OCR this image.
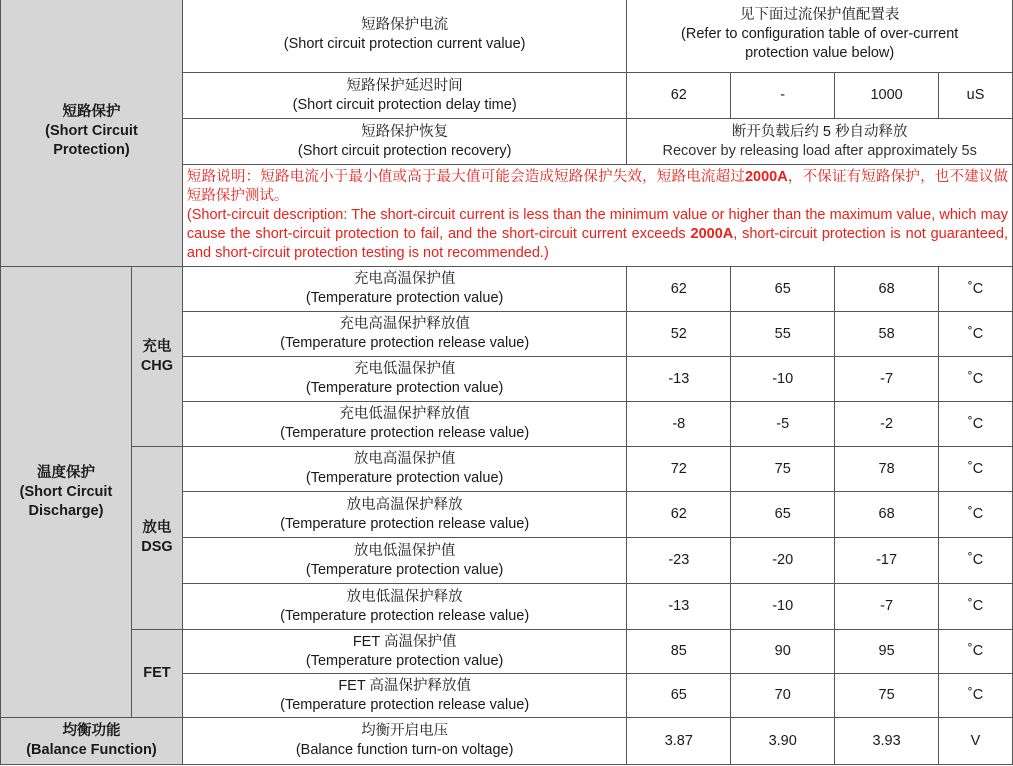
短路保护
(Short Circuit Protection)		短路保护电流
(Short circuit protection current value)	见下面过流保护值配置表
(Refer to configuration table of over-current protection value below)			

		短路保护延迟时间
(Short circuit protection delay time)	62	-	1000	uS

		短路保护恢复
(Short circuit protection recovery)	断开负载后约 5 秒自动释放
Recover by releasing load after approximately 5s			

		短路说明：短路电流小于最小值或高于最大值可能会造成短路保护失效，短路电流超过2000A，不保证有短路保护，也不建议做短路保护测试。
(Short-circuit description: The short-circuit current is less than the minimum value or higher than the maximum value, which may cause the short-circuit protection to fail, and the short-circuit current exceeds 2000A, short-circuit protection is not guaranteed, and short-circuit protection testing is not recommended.)				

温度保护
(Short Circuit Discharge)	充电
CHG	充电高温保护值
(Temperature protection value)	62	65	68	˚C

		充电高温保护释放值
(Temperature protection release value)	52	55	58	˚C

		充电低温保护值
(Temperature protection value)	-13	-10	-7	˚C

		充电低温保护释放值
(Temperature protection release value)	-8	-5	-2	˚C

	放电
DSG	放电高温保护值
(Temperature protection value)	72	75	78	˚C

		放电高温保护释放
(Temperature protection release value)	62	65	68	˚C

		放电低温保护值
(Temperature protection value)	-23	-20	-17	˚C

		放电低温保护释放
(Temperature protection release value)	-13	-10	-7	˚C

	FET	FET 高温保护值
(Temperature protection value)	85	90	95	˚C

		FET 高温保护释放值
(Temperature protection release value)	65	70	75	˚C

均衡功能
(Balance Function)		均衡开启电压
(Balance function turn-on voltage)	3.87	3.90	3.93	V
